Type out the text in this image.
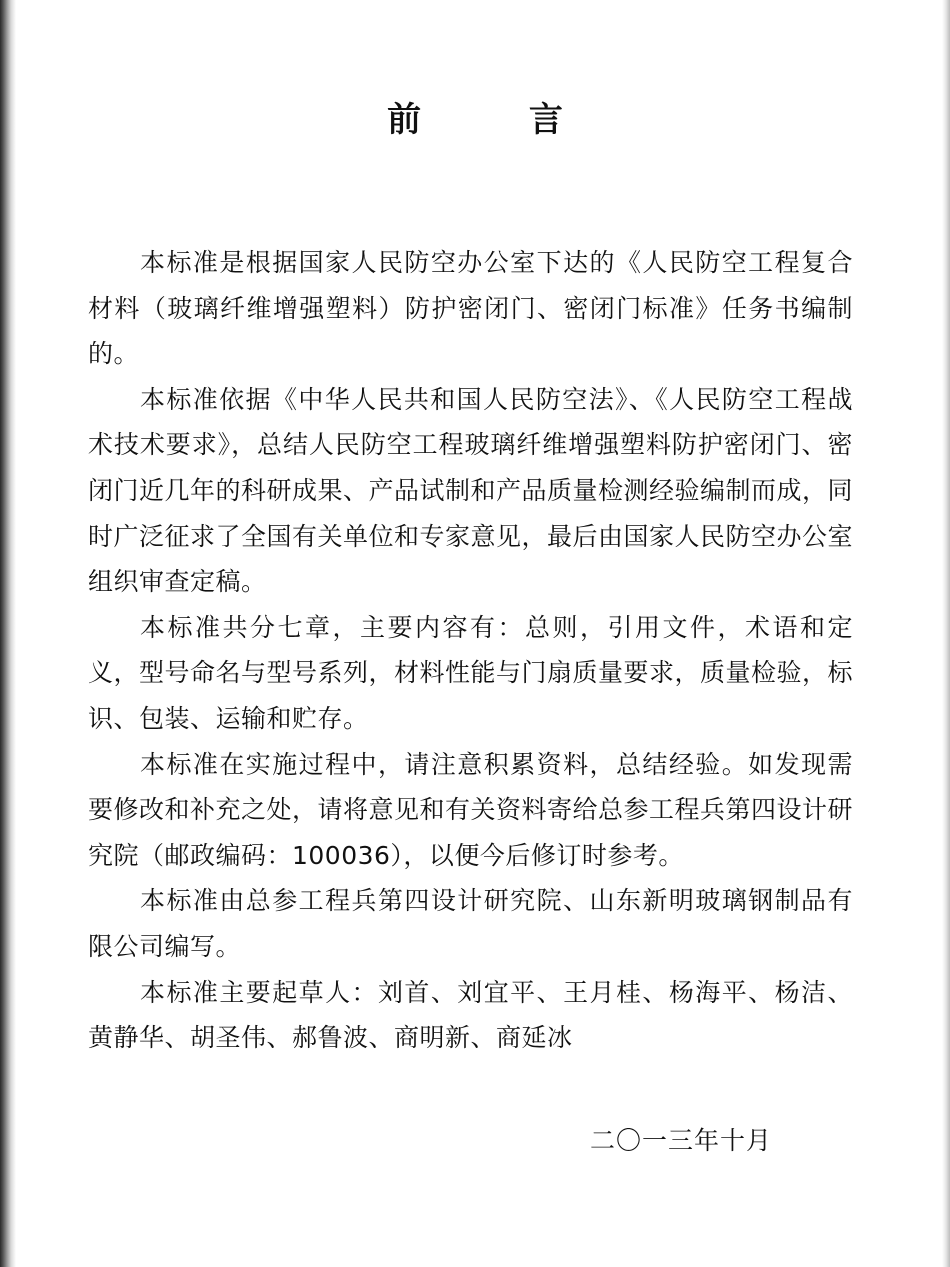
前 言

本标准是根据国家人民防空办公室下达的《人民防空工程复合材料（玻璃纤维增强塑料）防护密闭门、密闭门标准》任务书编制的。

本标准依据《中华人民共和国人民防空法》、《人民防空工程战术技术要求》，总结人民防空工程玻璃纤维增强塑料防护密闭门、密闭门近几年的科研成果、产品试制和产品质量检测经验编制而成，同时广泛征求了全国有关单位和专家意见，最后由国家人民防空办公室组织审查定稿。

本标准共分七章，主要内容有：总则，引用文件，术语和定义，型号命名与型号系列，材料性能与门扇质量要求，质量检验，标识、包装、运输和贮存。

本标准在实施过程中，请注意积累资料，总结经验。如发现需要修改和补充之处，请将意见和有关资料寄给总参工程兵第四设计研究院（邮政编码：100036），以便今后修订时参考。

本标准由总参工程兵第四设计研究院、山东新明玻璃钢制品有限公司编写。

本标准主要起草人：刘首、刘宜平、王月桂、杨海平、杨洁、黄静华、胡圣伟、郝鲁波、商明新、商延冰

二〇一三年十月
